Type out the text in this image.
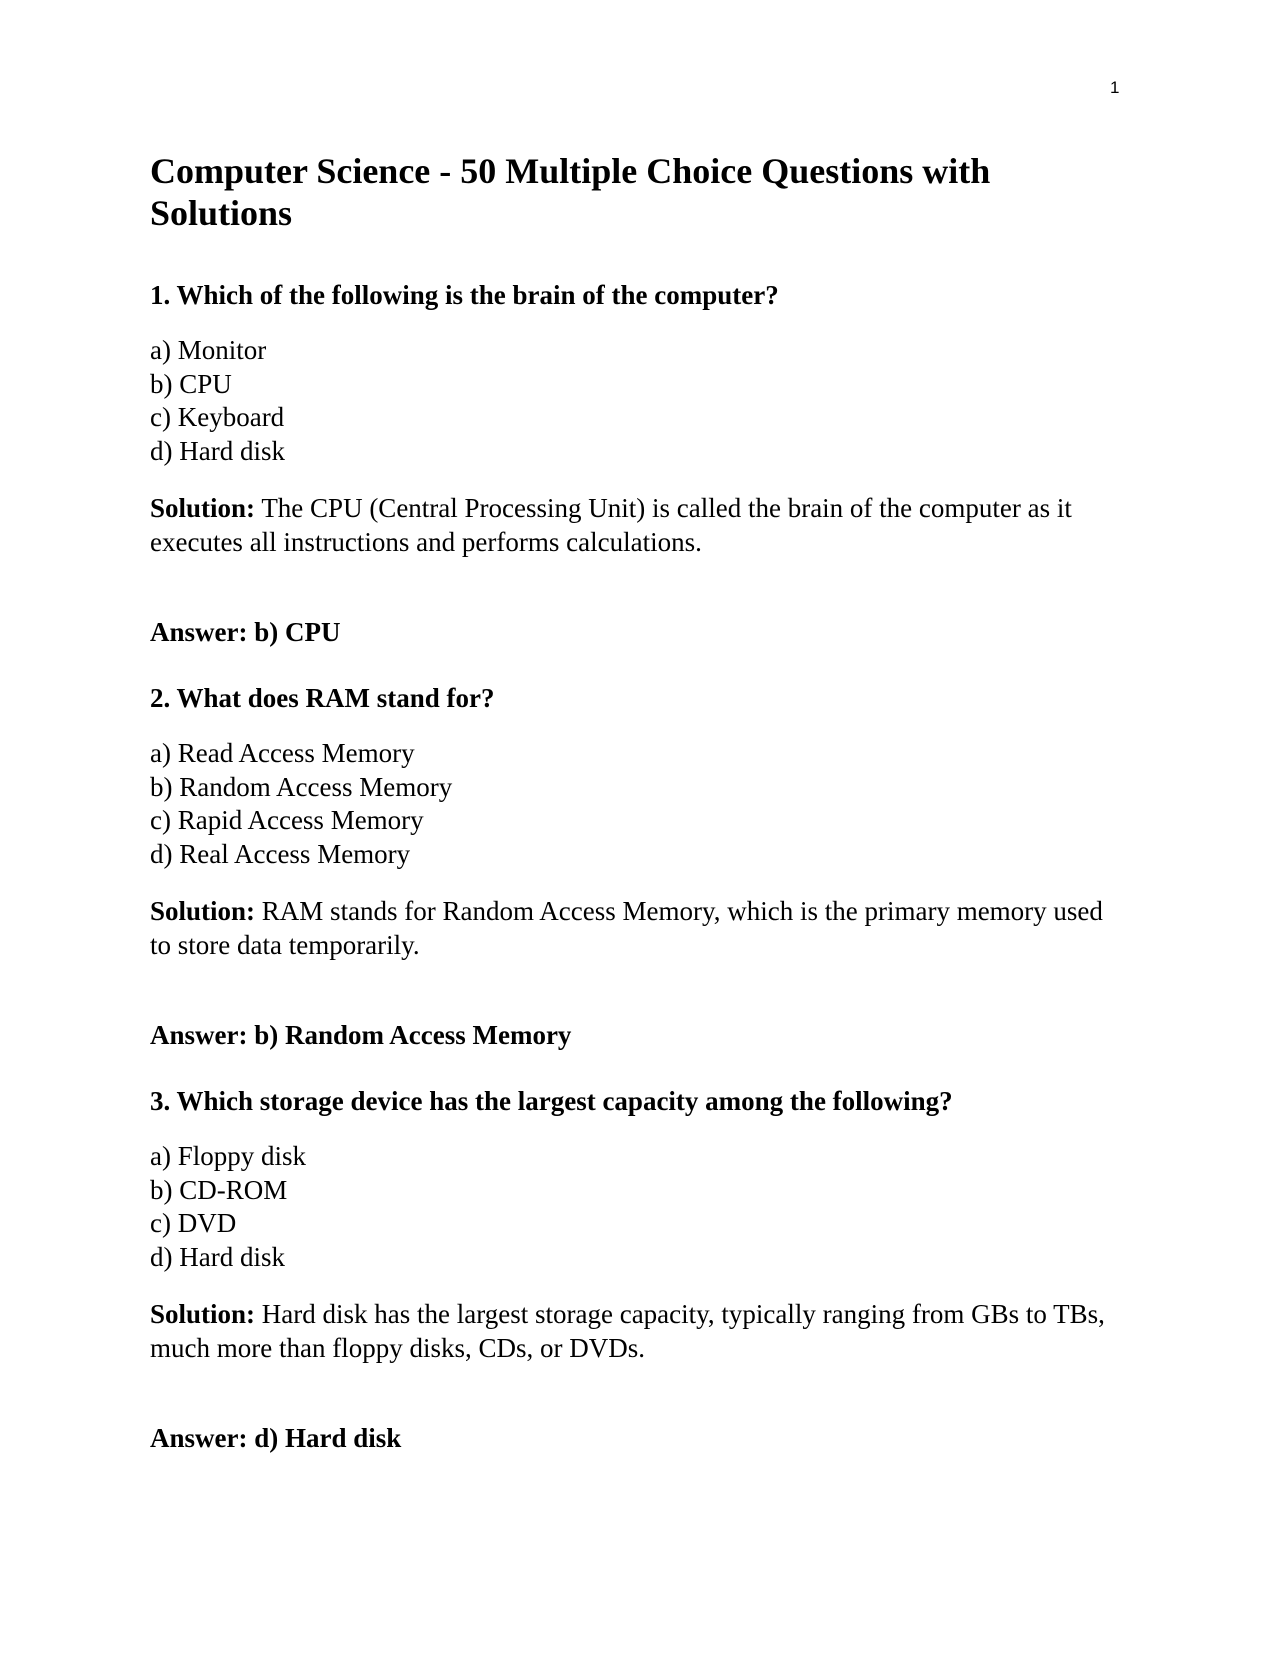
1
Computer Science - 50 Multiple Choice Questions with Solutions

1. Which of the following is the brain of the computer?

a) Monitor
b) CPU
c) Keyboard
d) Hard disk

Solution: The CPU (Central Processing Unit) is called the brain of the computer as it executes all instructions and performs calculations.

Answer: b) CPU

2. What does RAM stand for?

a) Read Access Memory
b) Random Access Memory
c) Rapid Access Memory
d) Real Access Memory

Solution: RAM stands for Random Access Memory, which is the primary memory used to store data temporarily.

Answer: b) Random Access Memory

3. Which storage device has the largest capacity among the following?

a) Floppy disk
b) CD-ROM
c) DVD
d) Hard disk

Solution: Hard disk has the largest storage capacity, typically ranging from GBs to TBs, much more than floppy disks, CDs, or DVDs.

Answer: d) Hard disk
